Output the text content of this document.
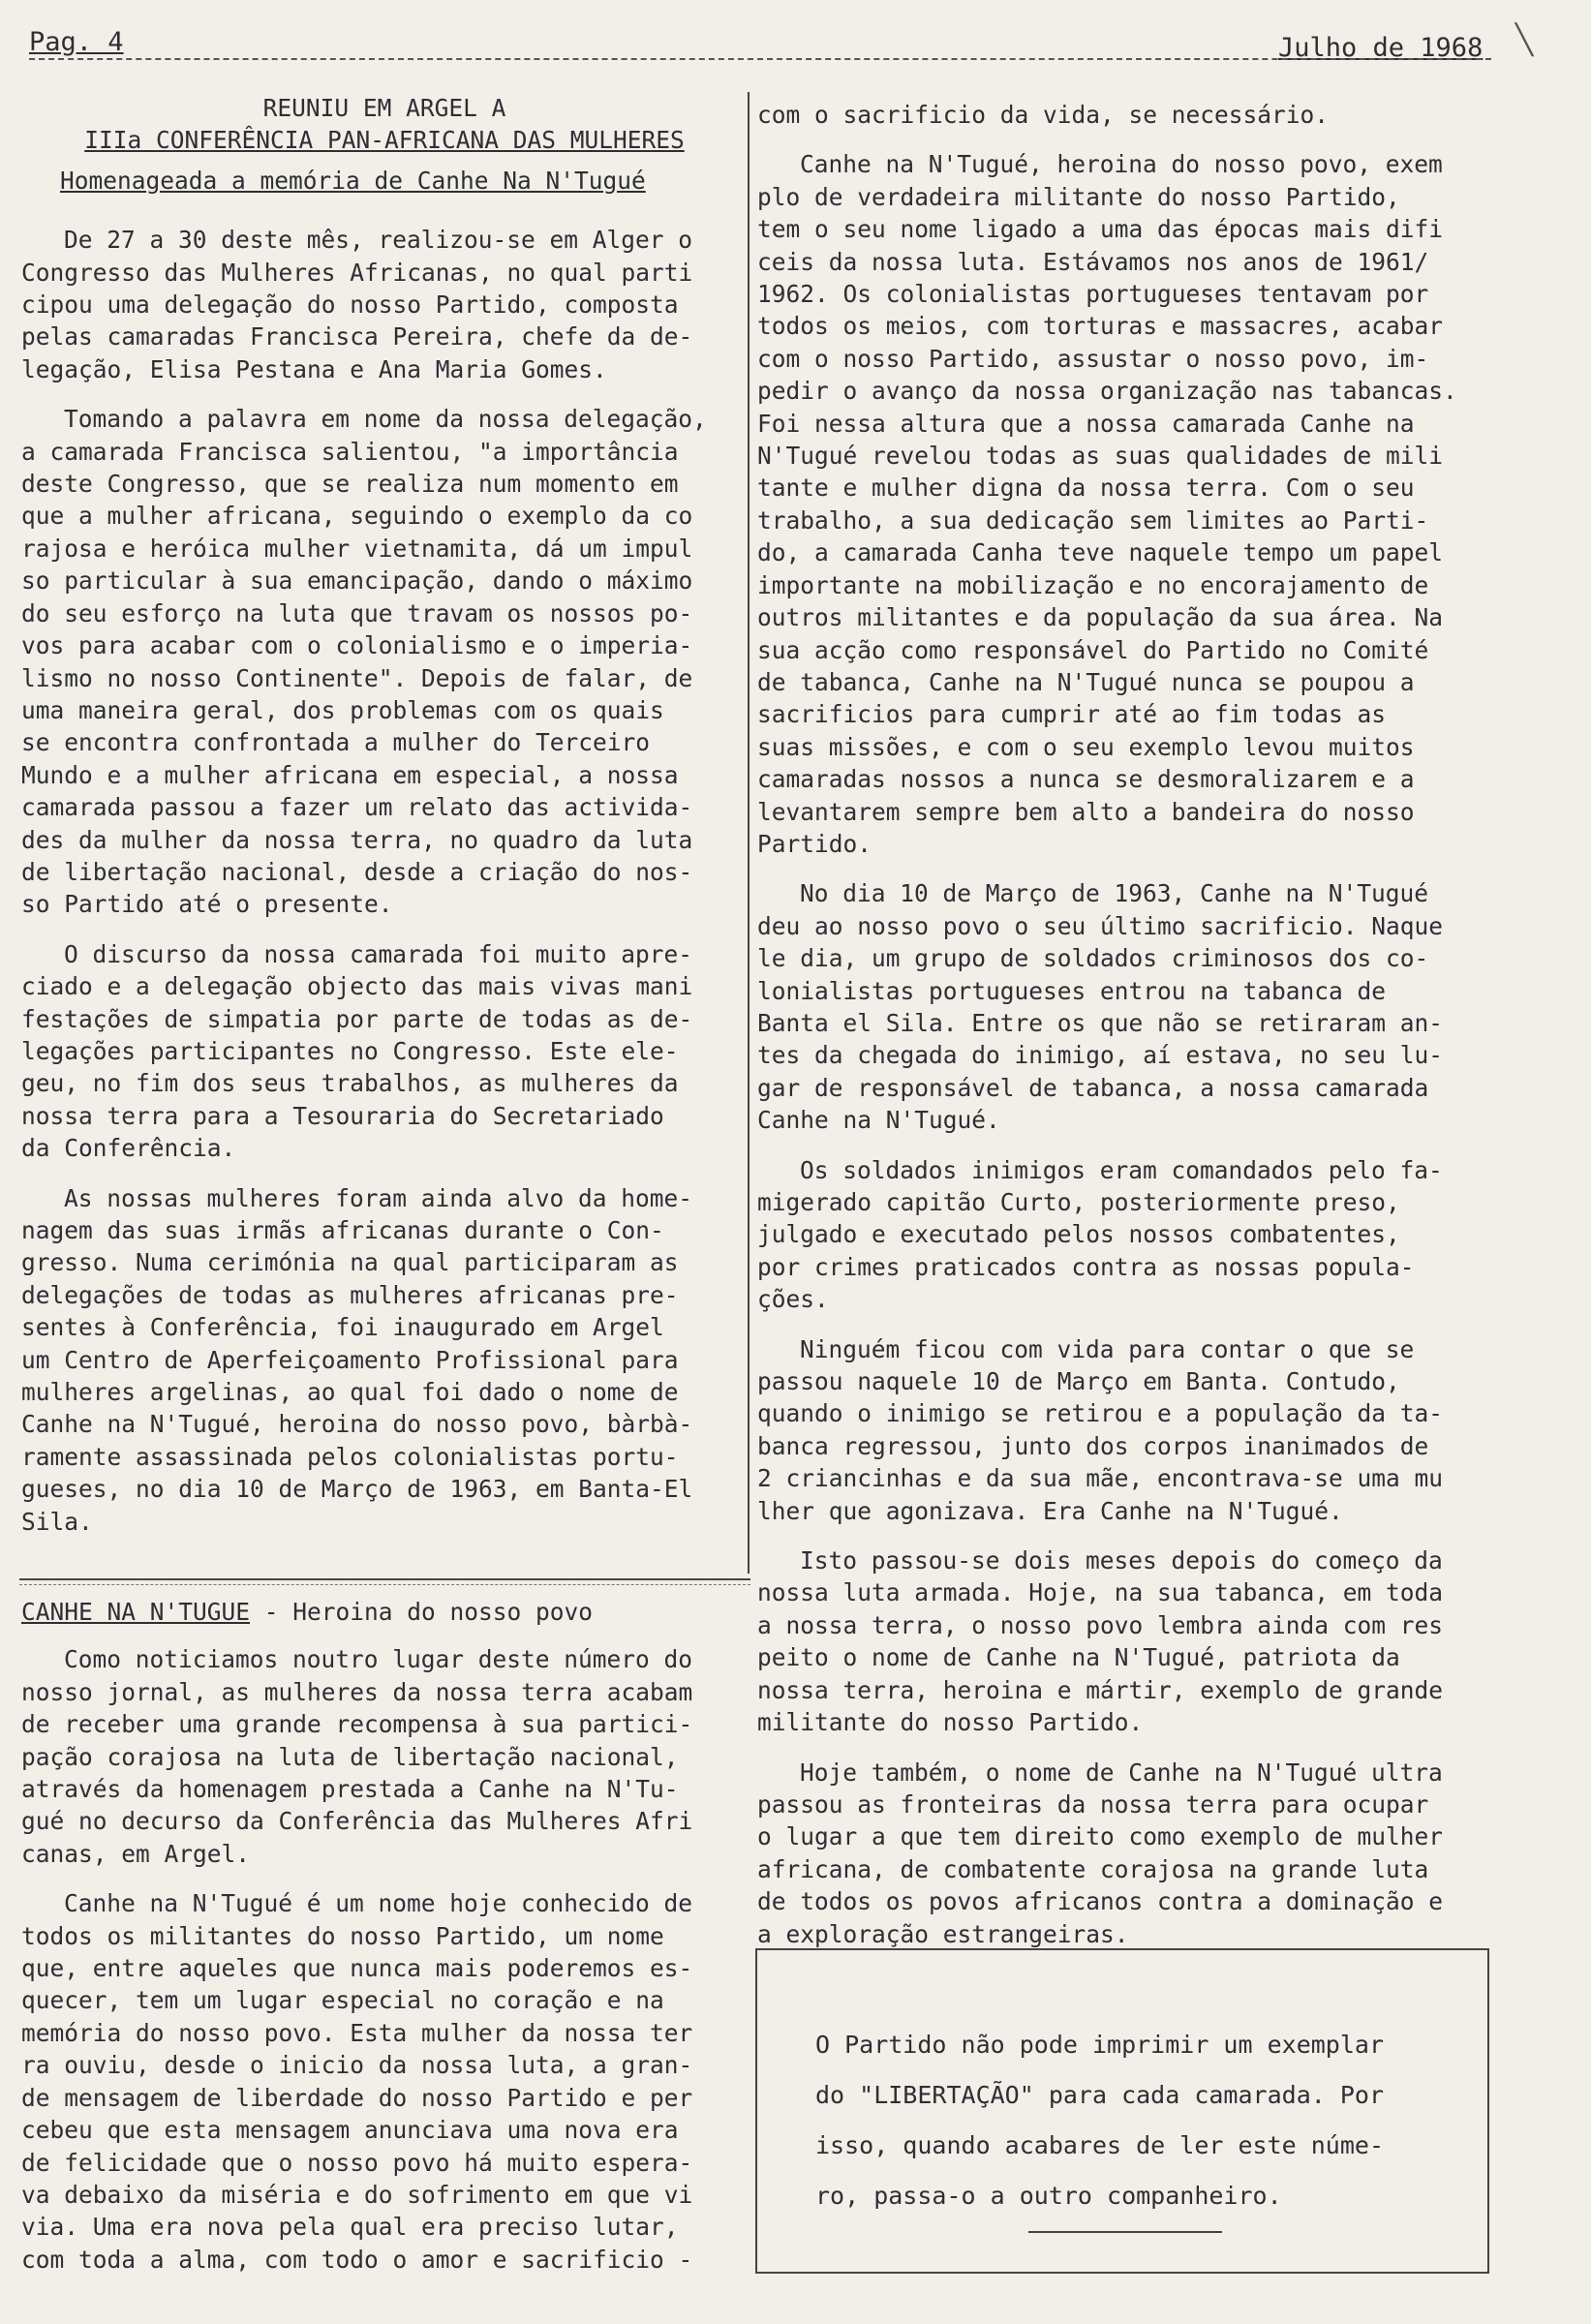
Pag. 4	Julho de 1968 ╲

REUNIU EM ARGEL A

IIIa CONFERÊNCIA PAN-AFRICANA DAS MULHERES

Homenageada a memória de Canhe Na N'Tugué

De 27 a 30 deste mês, realizou-se em Alger o
Congresso das Mulheres Africanas, no qual parti
cipou uma delegação do nosso Partido, composta
pelas camaradas Francisca Pereira, chefe da de-
legação, Elisa Pestana e Ana Maria Gomes.

Tomando a palavra em nome da nossa delegação,
a camarada Francisca salientou, "a importância
deste Congresso, que se realiza num momento em
que a mulher africana, seguindo o exemplo da co
rajosa e heróica mulher vietnamita, dá um impul
so particular à sua emancipação, dando o máximo
do seu esforço na luta que travam os nossos po-
vos para acabar com o colonialismo e o imperia-
lismo no nosso Continente". Depois de falar, de
uma maneira geral, dos problemas com os quais
se encontra confrontada a mulher do Terceiro
Mundo e a mulher africana em especial, a nossa
camarada passou a fazer um relato das activida-
des da mulher da nossa terra, no quadro da luta
de libertação nacional, desde a criação do nos-
so Partido até o presente.

O discurso da nossa camarada foi muito apre-
ciado e a delegação objecto das mais vivas mani
festações de simpatia por parte de todas as de-
legações participantes no Congresso. Este ele-
geu, no fim dos seus trabalhos, as mulheres da
nossa terra para a Tesouraria do Secretariado
da Conferência.

As nossas mulheres foram ainda alvo da home-
nagem das suas irmãs africanas durante o Con-
gresso. Numa cerimónia na qual participaram as
delegações de todas as mulheres africanas pre-
sentes à Conferência, foi inaugurado em Argel
um Centro de Aperfeiçoamento Profissional para
mulheres argelinas, ao qual foi dado o nome de
Canhe na N'Tugué, heroina do nosso povo, bàrbà-
ramente assassinada pelos colonialistas portu-
gueses, no dia 10 de Março de 1963, em Banta-El
Sila.

CANHE NA N'TUGUE - Heroina do nosso povo

Como noticiamos noutro lugar deste número do
nosso jornal, as mulheres da nossa terra acabam
de receber uma grande recompensa à sua partici-
pação corajosa na luta de libertação nacional,
através da homenagem prestada a Canhe na N'Tu-
gué no decurso da Conferência das Mulheres Afri
canas, em Argel.

Canhe na N'Tugué é um nome hoje conhecido de
todos os militantes do nosso Partido, um nome
que, entre aqueles que nunca mais poderemos es-
quecer, tem um lugar especial no coração e na
memória do nosso povo. Esta mulher da nossa ter
ra ouviu, desde o inicio da nossa luta, a gran-
de mensagem de liberdade do nosso Partido e per
cebeu que esta mensagem anunciava uma nova era
de felicidade que o nosso povo há muito espera-
va debaixo da miséria e do sofrimento em que vi
via. Uma era nova pela qual era preciso lutar,
com toda a alma, com todo o amor e sacrificio -

com o sacrificio da vida, se necessário.

Canhe na N'Tugué, heroina do nosso povo, exem
plo de verdadeira militante do nosso Partido,
tem o seu nome ligado a uma das épocas mais difi
ceis da nossa luta. Estávamos nos anos de 1961/
1962. Os colonialistas portugueses tentavam por
todos os meios, com torturas e massacres, acabar
com o nosso Partido, assustar o nosso povo, im-
pedir o avanço da nossa organização nas tabancas.
Foi nessa altura que a nossa camarada Canhe na
N'Tugué revelou todas as suas qualidades de mili
tante e mulher digna da nossa terra. Com o seu
trabalho, a sua dedicação sem limites ao Parti-
do, a camarada Canha teve naquele tempo um papel
importante na mobilização e no encorajamento de
outros militantes e da população da sua área. Na
sua acção como responsável do Partido no Comité
de tabanca, Canhe na N'Tugué nunca se poupou a
sacrificios para cumprir até ao fim todas as
suas missões, e com o seu exemplo levou muitos
camaradas nossos a nunca se desmoralizarem e a
levantarem sempre bem alto a bandeira do nosso
Partido.

No dia 10 de Março de 1963, Canhe na N'Tugué
deu ao nosso povo o seu último sacrificio. Naque
le dia, um grupo de soldados criminosos dos co-
lonialistas portugueses entrou na tabanca de
Banta el Sila. Entre os que não se retiraram an-
tes da chegada do inimigo, aí estava, no seu lu-
gar de responsável de tabanca, a nossa camarada
Canhe na N'Tugué.

Os soldados inimigos eram comandados pelo fa-
migerado capitão Curto, posteriormente preso,
julgado e executado pelos nossos combatentes,
por crimes praticados contra as nossas popula-
ções.

Ninguém ficou com vida para contar o que se
passou naquele 10 de Março em Banta. Contudo,
quando o inimigo se retirou e a população da ta-
banca regressou, junto dos corpos inanimados de
2 criancinhas e da sua mãe, encontrava-se uma mu
lher que agonizava. Era Canhe na N'Tugué.

Isto passou-se dois meses depois do começo da
nossa luta armada. Hoje, na sua tabanca, em toda
a nossa terra, o nosso povo lembra ainda com res
peito o nome de Canhe na N'Tugué, patriota da
nossa terra, heroina e mártir, exemplo de grande
militante do nosso Partido.

Hoje também, o nome de Canhe na N'Tugué ultra
passou as fronteiras da nossa terra para ocupar
o lugar a que tem direito como exemplo de mulher
africana, de combatente corajosa na grande luta
de todos os povos africanos contra a dominação e
a exploração estrangeiras.

O Partido não pode imprimir um exemplar
do "LIBERTAÇÃO" para cada camarada. Por
isso, quando acabares de ler este núme-
ro, passa-o a outro companheiro.
